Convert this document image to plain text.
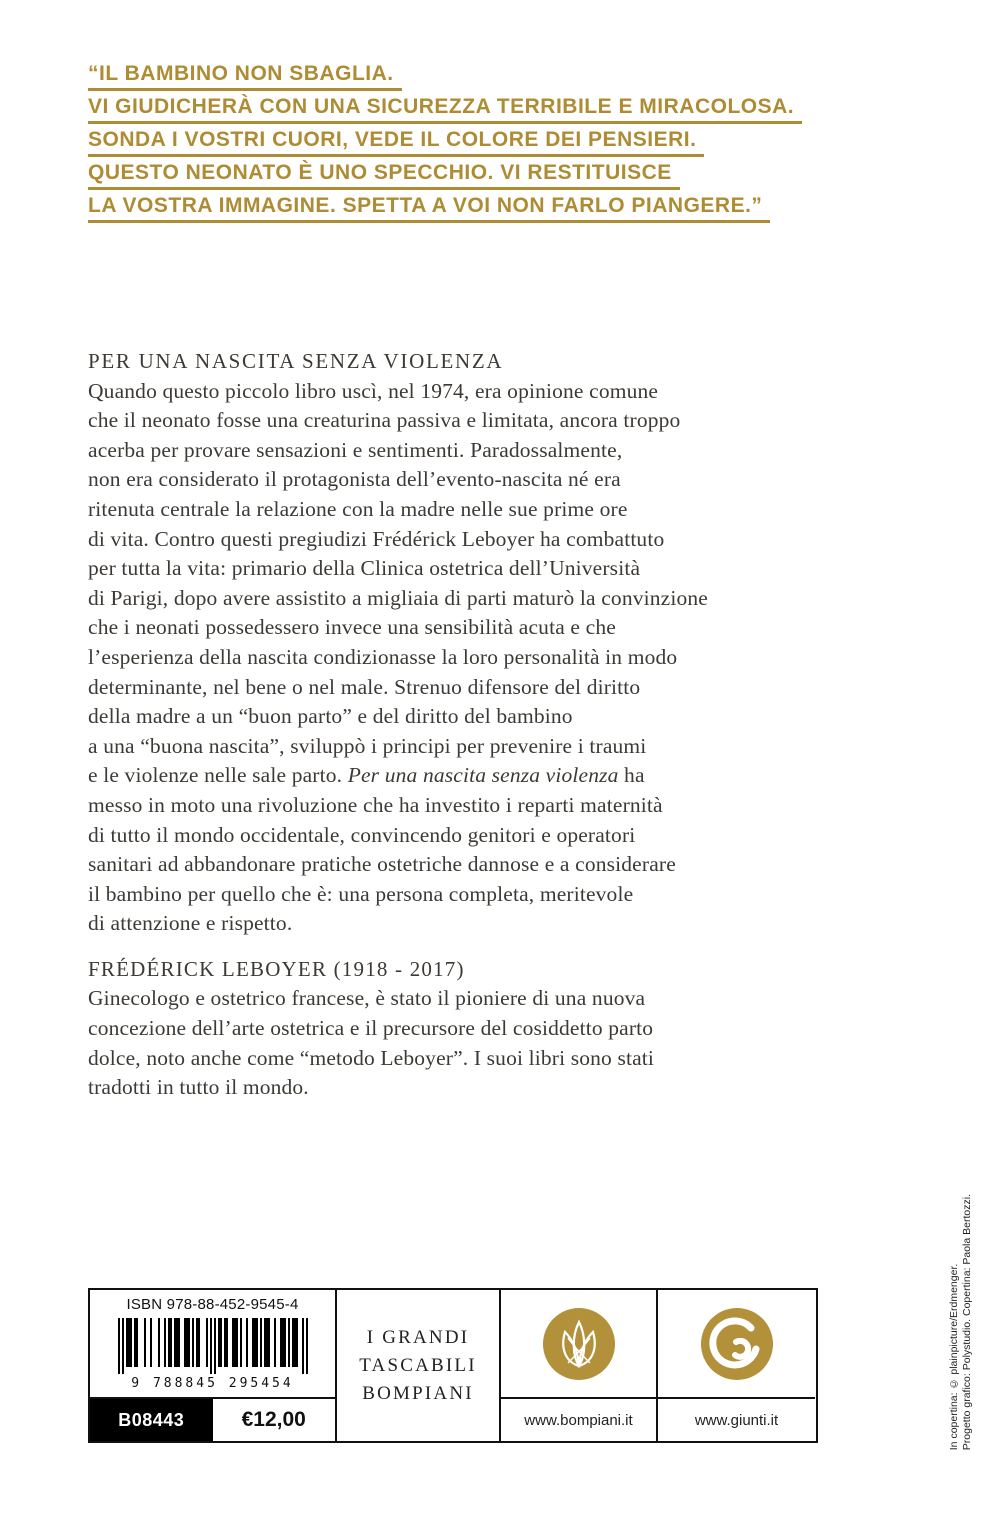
“IL BAMBINO NON SBAGLIA.
VI GIUDICHERÀ CON UNA SICUREZZA TERRIBILE E MIRACOLOSA.
SONDA I VOSTRI CUORI, VEDE IL COLORE DEI PENSIERI.
QUESTO NEONATO È UNO SPECCHIO. VI RESTITUISCE
LA VOSTRA IMMAGINE. SPETTA A VOI NON FARLO PIANGERE.”
PER UNA NASCITA SENZA VIOLENZA
Quando questo piccolo libro uscì, nel 1974, era opinione comune
che il neonato fosse una creaturina passiva e limitata, ancora troppo
acerba per provare sensazioni e sentimenti. Paradossalmente,
non era considerato il protagonista dell’evento-nascita né era
ritenuta centrale la relazione con la madre nelle sue prime ore
di vita. Contro questi pregiudizi Frédérick Leboyer ha combattuto
per tutta la vita: primario della Clinica ostetrica dell’Università
di Parigi, dopo avere assistito a migliaia di parti maturò la convinzione
che i neonati possedessero invece una sensibilità acuta e che
l’esperienza della nascita condizionasse la loro personalità in modo
determinante, nel bene o nel male. Strenuo difensore del diritto
della madre a un “buon parto” e del diritto del bambino
a una “buona nascita”, sviluppò i principi per prevenire i traumi
e le violenze nelle sale parto. Per una nascita senza violenza ha
messo in moto una rivoluzione che ha investito i reparti maternità
di tutto il mondo occidentale, convincendo genitori e operatori
sanitari ad abbandonare pratiche ostetriche dannose e a considerare
il bambino per quello che è: una persona completa, meritevole
di attenzione e rispetto.
FRÉDÉRICK LEBOYER (1918 - 2017)
Ginecologo e ostetrico francese, è stato il pioniere di una nuova
concezione dell’arte ostetrica e il precursore del cosiddetto parto
dolce, noto anche come “metodo Leboyer”. I suoi libri sono stati
tradotti in tutto il mondo.
ISBN 978-88-452-9545-4
9 788845 295454
B08443	€12,00
I GRANDI
TASCABILI
BOMPIANI
www.bompiani.it	www.giunti.it	In copertina: © plainpicture/Erdmenger. Progetto grafico: Polystudio. Copertina: Paola Bertozzi.
